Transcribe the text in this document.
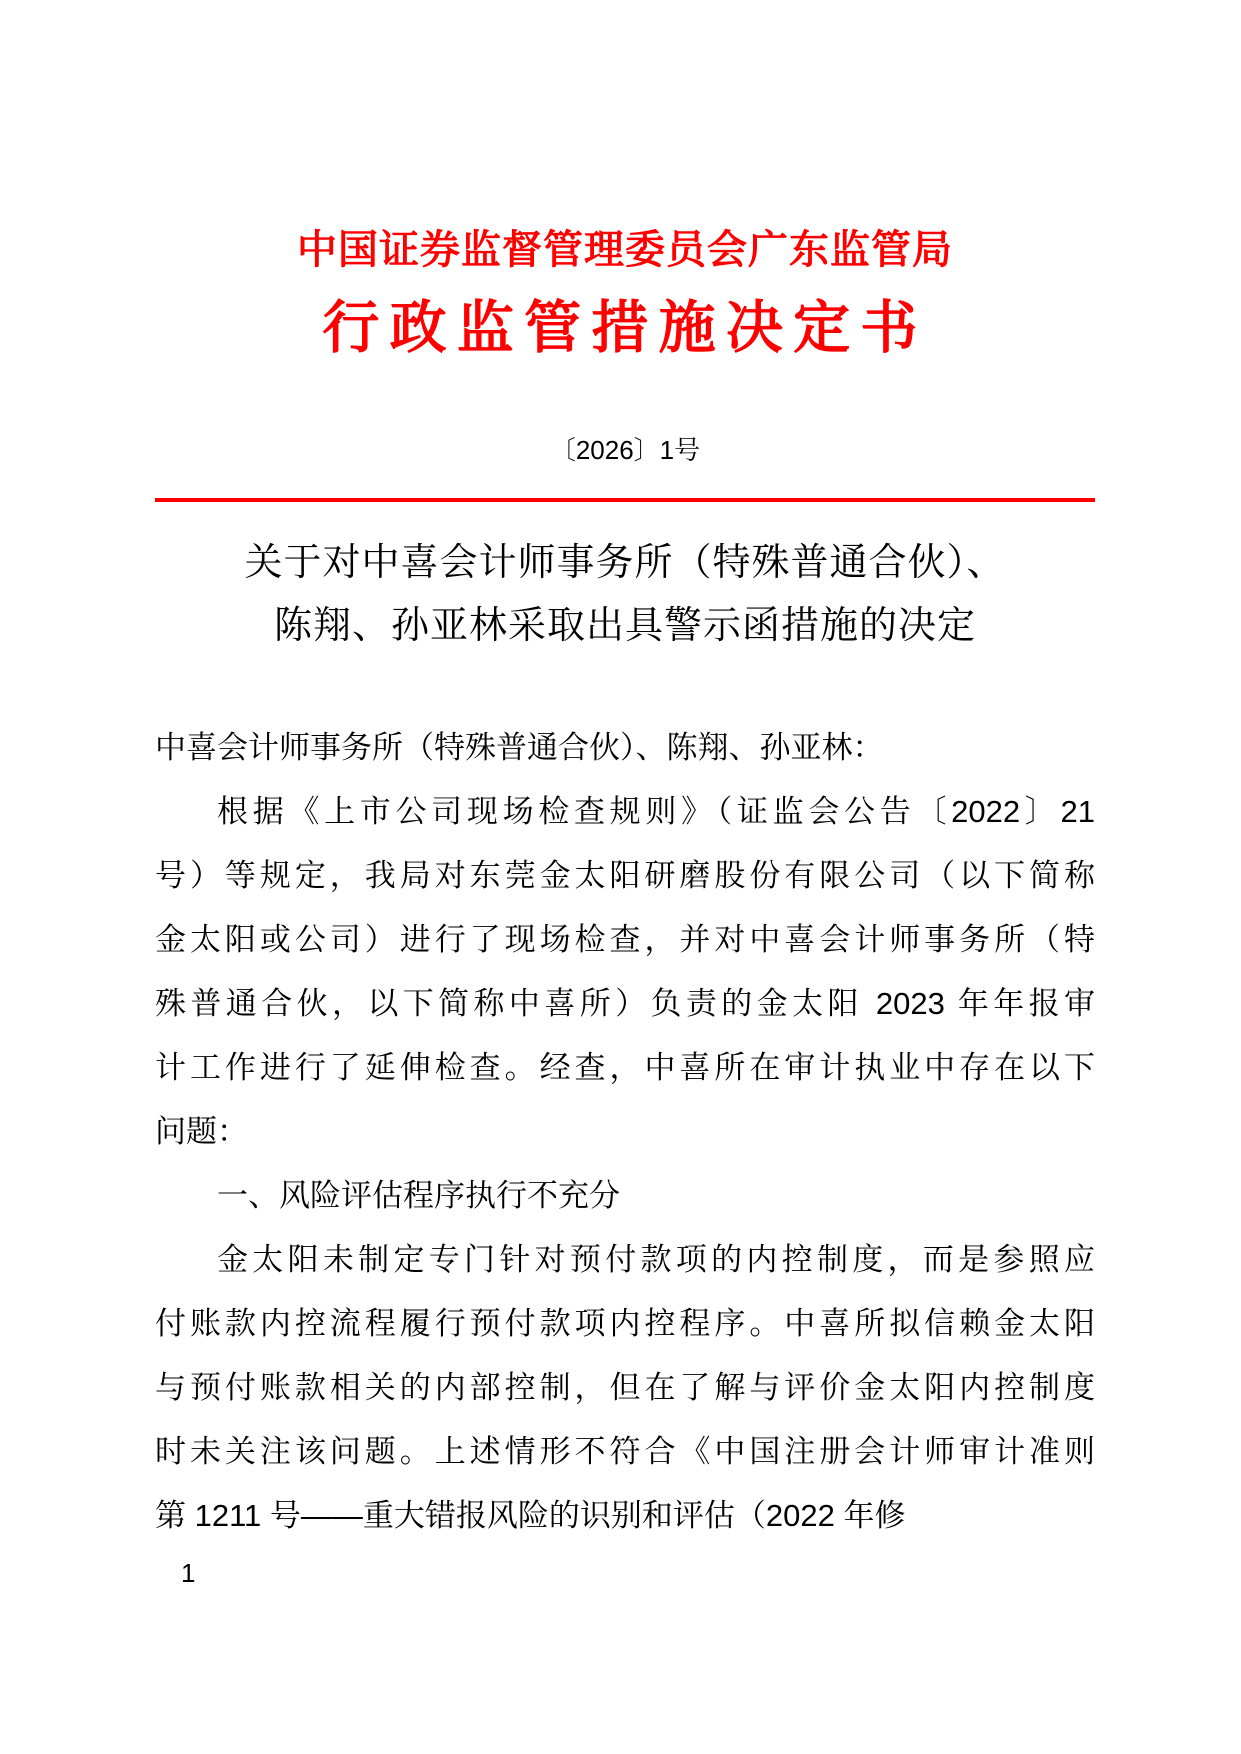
中国证券监督管理委员会广东监管局
行政监管措施决定书
〔2026〕1号
关于对中喜会计师事务所（特殊普通合伙）、
陈翔、孙亚林采取出具警示函措施的决定
中喜会计师事务所（特殊普通合伙）、陈翔、孙亚林：
根据《上市公司现场检查规则》（证监会公告〔2022〕21
号）等规定，我局对东莞金太阳研磨股份有限公司（以下简称
金太阳或公司）进行了现场检查，并对中喜会计师事务所（特
殊普通合伙，以下简称中喜所）负责的金太阳 2023 年年报审
计工作进行了延伸检查。经查，中喜所在审计执业中存在以下
问题：
一、风险评估程序执行不充分
金太阳未制定专门针对预付款项的内控制度，而是参照应
付账款内控流程履行预付款项内控程序。中喜所拟信赖金太阳
与预付账款相关的内部控制，但在了解与评价金太阳内控制度
时未关注该问题。上述情形不符合《中国注册会计师审计准则
第 1211 号——重大错报风险的识别和评估（2022 年修
1
